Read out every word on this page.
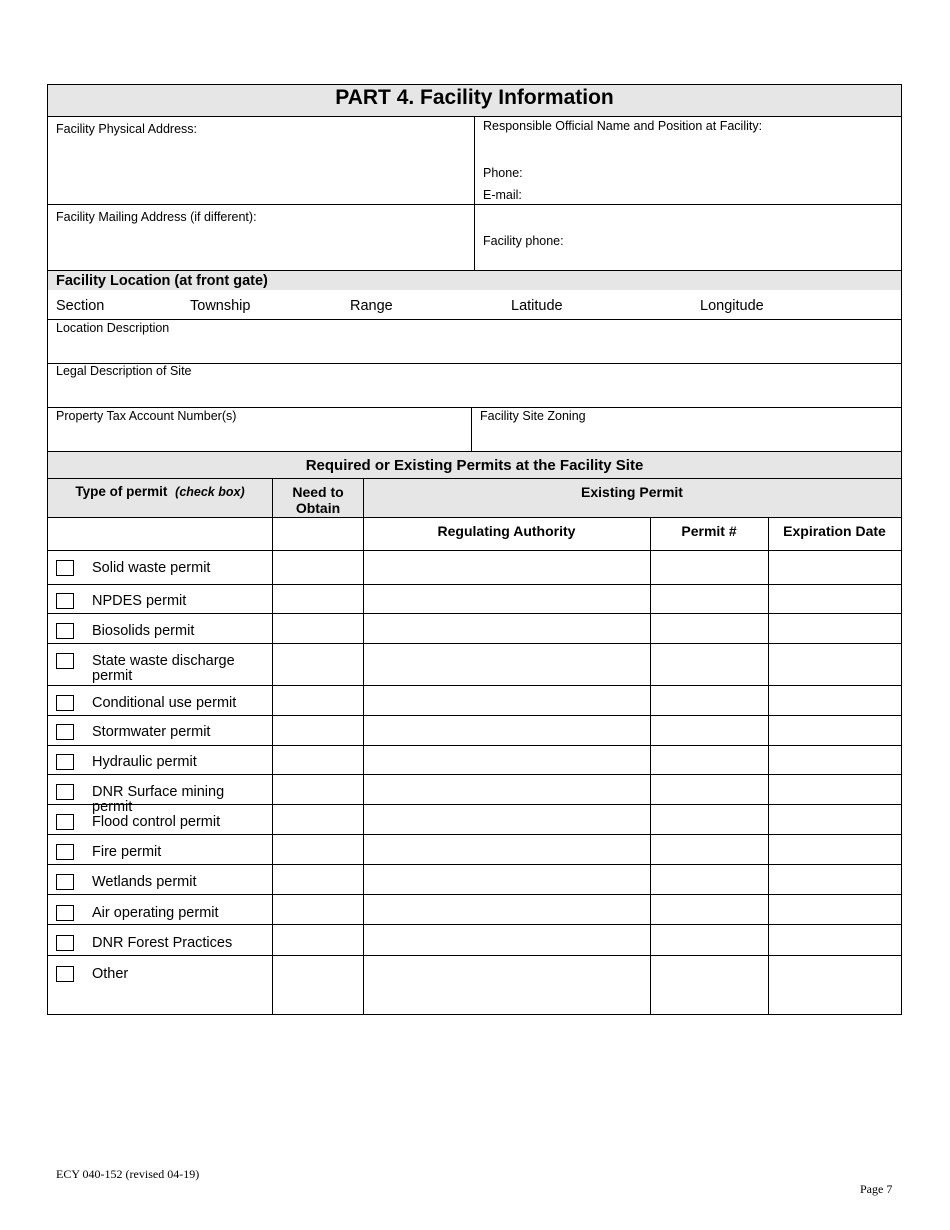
PART 4. Facility Information
Facility Physical Address:	Responsible Official Name and Position at Facility:
Phone:
E-mail:
Facility Mailing Address (if different):
Facility phone:
Facility Location (at front gate)
Section	Township	Range	Latitude	Longitude
Location Description
Legal Description of Site
Property Tax Account Number(s)	Facility Site Zoning
Required or Existing Permits at the Facility Site
Type of permit (check box)	Need to Obtain
Existing Permit
Regulating Authority	Permit #	Expiration Date
Solid waste permit
NPDES permit
Biosolids permit
State waste discharge permit
Conditional use permit
Stormwater permit
Hydraulic permit
DNR Surface mining permit
Flood control permit
Fire permit
Wetlands permit
Air operating permit
DNR Forest Practices
Other
ECY 040-152 (revised 04-19)
Page 7
